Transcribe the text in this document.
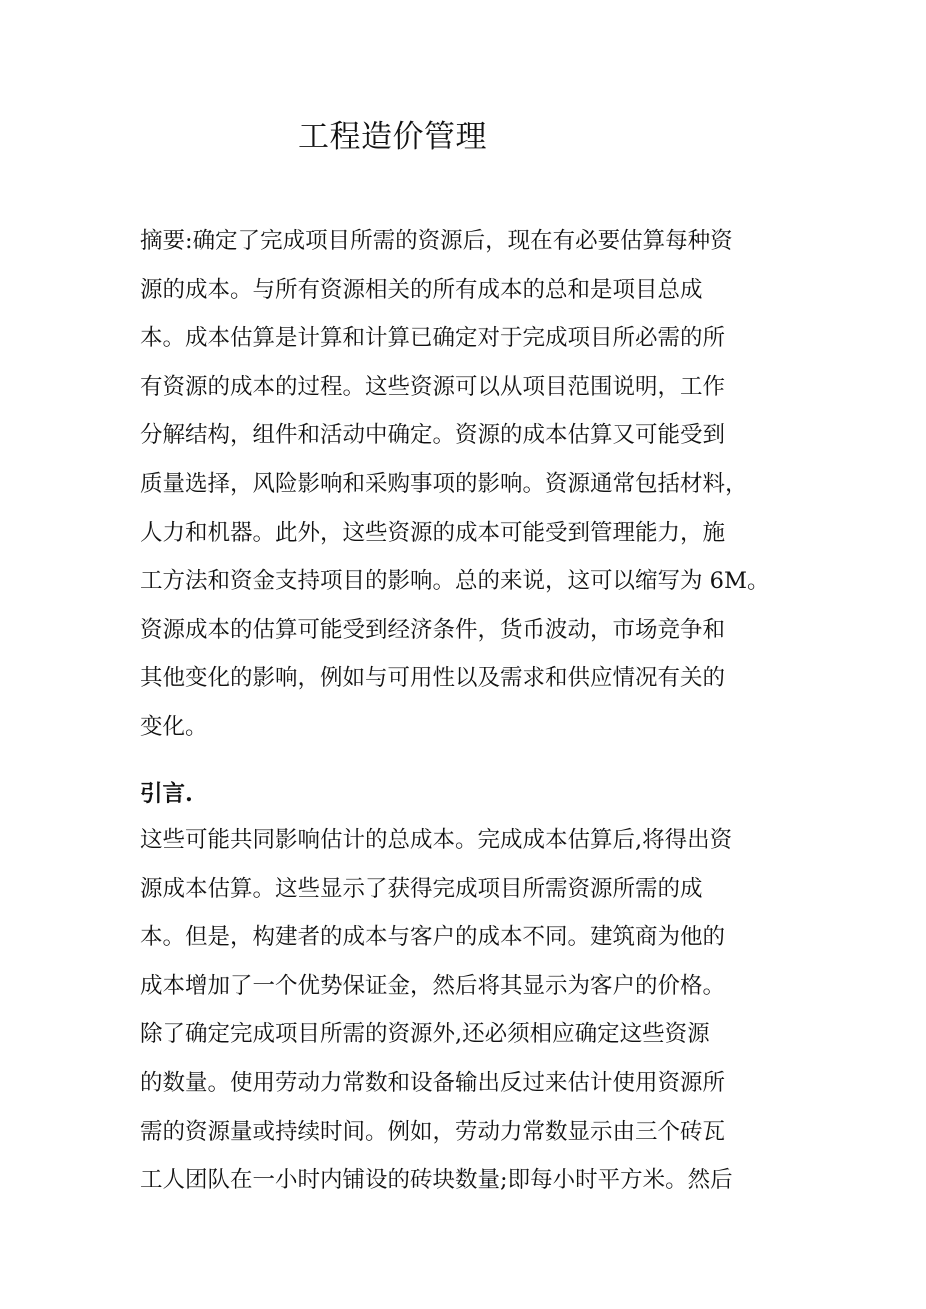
工程造价管理

摘要:确定了完成项目所需的资源后，现在有必要估算每种资
源的成本。与所有资源相关的所有成本的总和是项目总成
本。成本估算是计算和计算已确定对于完成项目所必需的所
有资源的成本的过程。这些资源可以从项目范围说明，工作
分解结构，组件和活动中确定。资源的成本估算又可能受到
质量选择，风险影响和采购事项的影响。资源通常包括材料，
人力和机器。此外，这些资源的成本可能受到管理能力，施
工方法和资金支持项目的影响。总的来说，这可以缩写为 6M。
资源成本的估算可能受到经济条件，货币波动，市场竞争和
其他变化的影响，例如与可用性以及需求和供应情况有关的
变化。

引言.

这些可能共同影响估计的总成本。完成成本估算后,将得出资
源成本估算。这些显示了获得完成项目所需资源所需的成
本。但是，构建者的成本与客户的成本不同。建筑商为他的
成本增加了一个优势保证金，然后将其显示为客户的价格。
除了确定完成项目所需的资源外,还必须相应确定这些资源
的数量。使用劳动力常数和设备输出反过来估计使用资源所
需的资源量或持续时间。例如，劳动力常数显示由三个砖瓦
工人团队在一小时内铺设的砖块数量;即每小时平方米。然后
